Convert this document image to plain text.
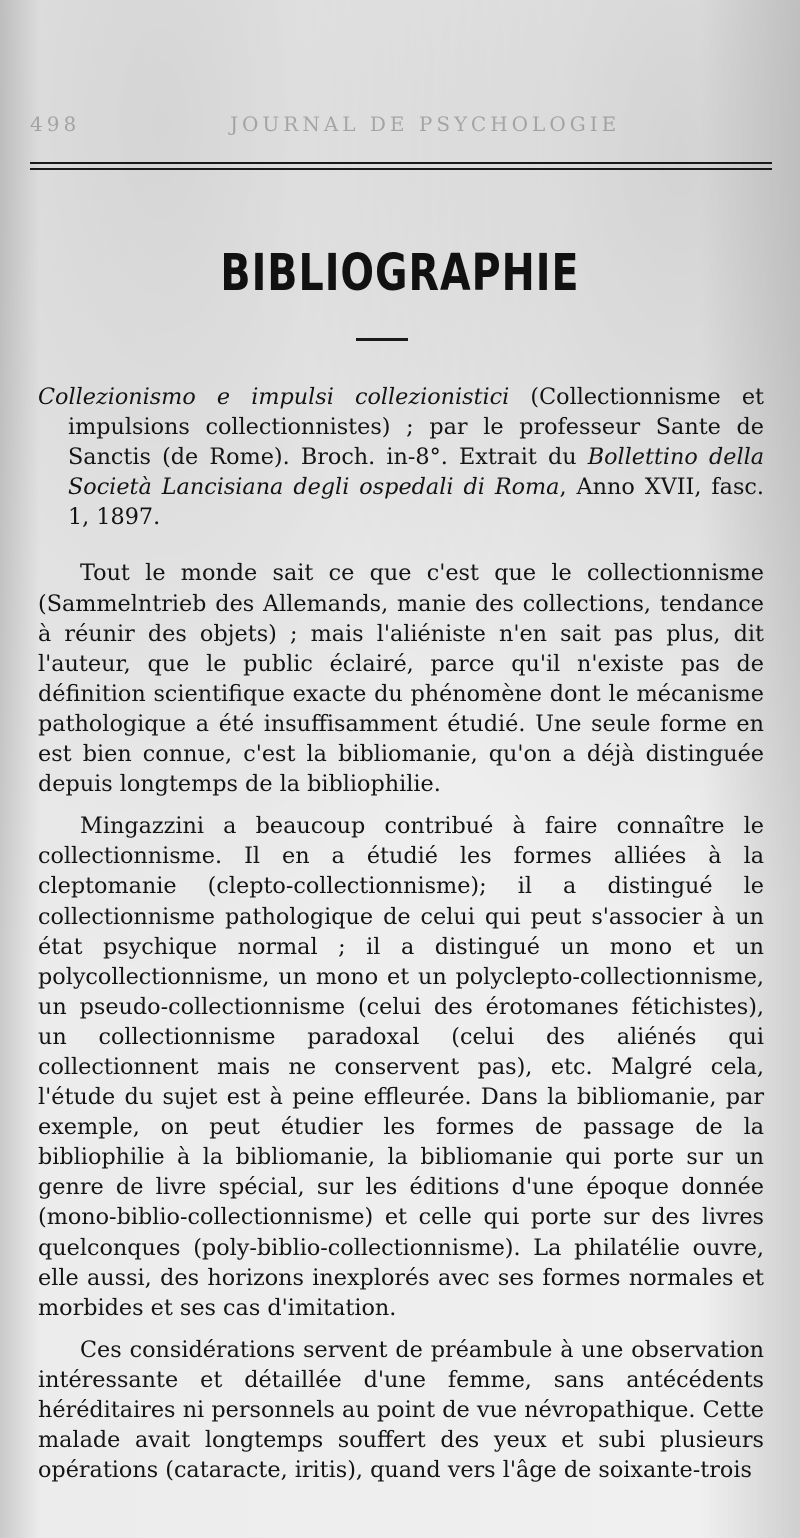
498	JOURNAL DE PSYCHOLOGIE
BIBLIOGRAPHIE

Collezionismo e impulsi collezionistici (Collectionnisme et impulsions collectionnistes) ; par le professeur Sante de Sanctis (de Rome). Broch. in-8°. Extrait du Bollettino della Società Lancisiana degli ospedali di Roma, Anno XVII, fasc. 1, 1897.

Tout le monde sait ce que c'est que le collectionnisme (Sammelntrieb des Allemands, manie des collections, tendance à réunir des objets) ; mais l'aliéniste n'en sait pas plus, dit l'auteur, que le public éclairé, parce qu'il n'existe pas de définition scientifique exacte du phénomène dont le mécanisme pathologique a été insuffisamment étudié. Une seule forme en est bien connue, c'est la bibliomanie, qu'on a déjà distinguée depuis longtemps de la bibliophilie.

Mingazzini a beaucoup contribué à faire connaître le collectionnisme. Il en a étudié les formes alliées à la cleptomanie (clepto-collectionnisme); il a distingué le collectionnisme pathologique de celui qui peut s'associer à un état psychique normal ; il a distingué un mono et un polycollectionnisme, un mono et un polyclepto-collectionnisme, un pseudo-collectionnisme (celui des érotomanes fétichistes), un collectionnisme paradoxal (celui des aliénés qui collectionnent mais ne conservent pas), etc. Malgré cela, l'étude du sujet est à peine effleurée. Dans la bibliomanie, par exemple, on peut étudier les formes de passage de la bibliophilie à la bibliomanie, la bibliomanie qui porte sur un genre de livre spécial, sur les éditions d'une époque donnée (mono-biblio-collectionnisme) et celle qui porte sur des livres quelconques (poly-biblio-collectionnisme). La philatélie ouvre, elle aussi, des horizons inexplorés avec ses formes normales et morbides et ses cas d'imitation.

Ces considérations servent de préambule à une observation intéressante et détaillée d'une femme, sans antécédents héréditaires ni personnels au point de vue névropathique. Cette malade avait longtemps souffert des yeux et subi plusieurs opérations (cataracte, iritis), quand vers l'âge de soixante-trois
